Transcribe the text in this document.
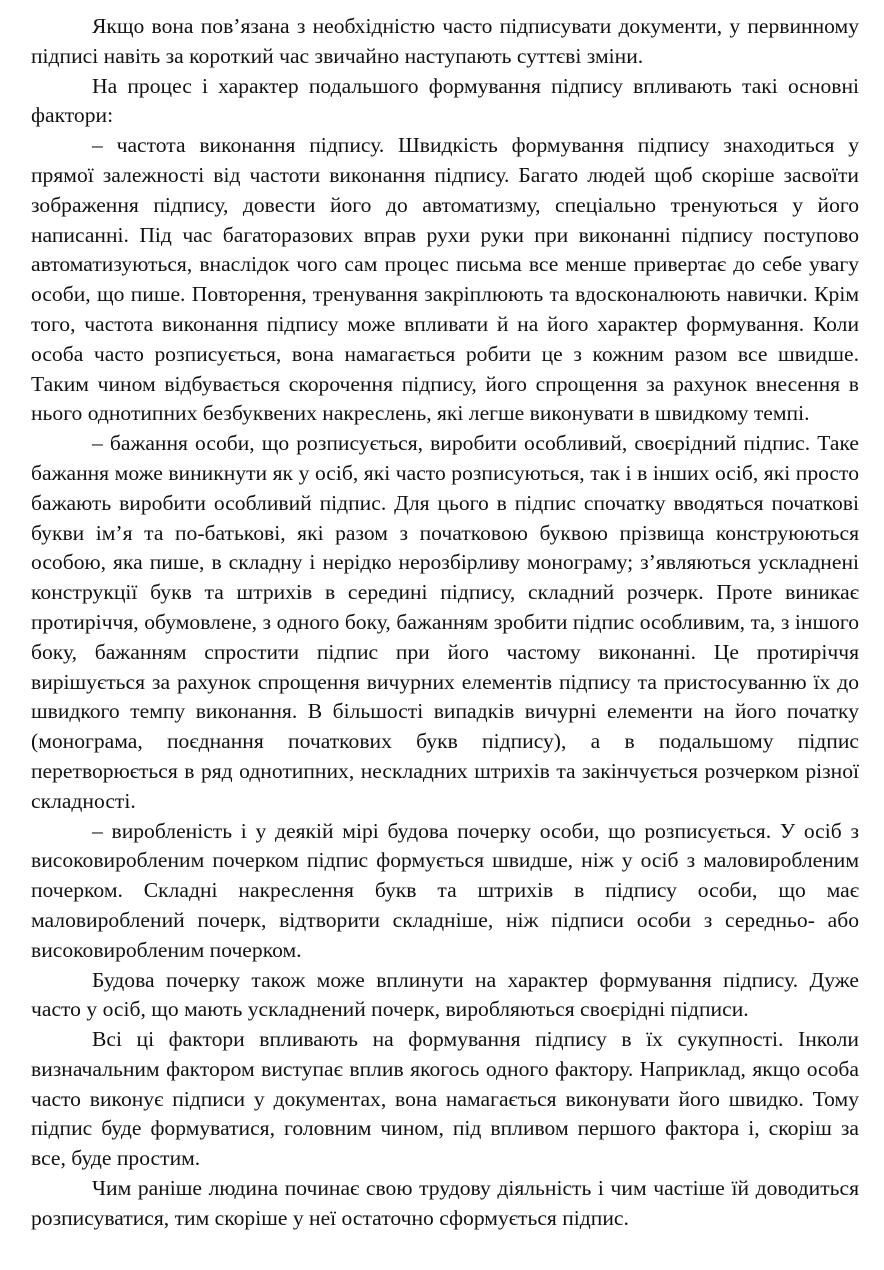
Якщо вона пов’язана з необхідністю часто підписувати документи, у первинному підписі навіть за короткий час звичайно наступають суттєві зміни.

На процес і характер подальшого формування підпису впливають такі основні фактори:

– частота виконання підпису. Швидкість формування підпису знаходиться у прямої залежності від частоти виконання підпису. Багато людей щоб скоріше засвоїти зображення підпису, довести його до автоматизму, спеціально тренуються у його написанні. Під час багаторазових вправ рухи руки при виконанні підпису поступово автоматизуються, внаслідок чого сам процес письма все менше привертає до себе увагу особи, що пише. Повторення, тренування закріплюють та вдосконалюють навички. Крім того, частота виконання підпису може впливати й на його характер формування. Коли особа часто розписується, вона намагається робити це з кожним разом все швидше. Таким чином відбувається скорочення підпису, його спрощення за рахунок внесення в нього однотипних безбуквених накреслень, які легше виконувати в швидкому темпі.

– бажання особи, що розписується, виробити особливий, своєрідний підпис. Таке бажання може виникнути як у осіб, які часто розписуються, так і в інших осіб, які просто бажають виробити особливий підпис. Для цього в підпис спочатку вводяться початкові букви ім’я та по-батькові, які разом з початковою буквою прізвища конструюються особою, яка пише, в складну і нерідко нерозбірливу монограму; з’являються ускладнені конструкції букв та штрихів в середині підпису, складний розчерк. Проте виникає протиріччя, обумовлене, з одного боку, бажанням зробити підпис особливим, та, з іншого боку, бажанням спростити підпис при його частому виконанні. Це протиріччя вирішується за рахунок спрощення вичурних елементів підпису та пристосуванню їх до швидкого темпу виконання. В більшості випадків вичурні елементи на його початку (монограма, поєднання початкових букв підпису), а в подальшому підпис перетворюється в ряд однотипних, нескладних штрихів та закінчується розчерком різної складності.

– виробленість і у деякій мірі будова почерку особи, що розписується. У осіб з високовиробленим почерком підпис формується швидше, ніж у осіб з маловиробленим почерком. Складні накреслення букв та штрихів в підпису особи, що має маловироблений почерк, відтворити складніше, ніж підписи особи з середньо- або високовиробленим почерком.

Будова почерку також може вплинути на характер формування підпису. Дуже часто у осіб, що мають ускладнений почерк, виробляються своєрідні підписи.

Всі ці фактори впливають на формування підпису в їх сукупності. Інколи визначальним фактором виступає вплив якогось одного фактору. Наприклад, якщо особа часто виконує підписи у документах, вона намагається виконувати його швидко. Тому підпис буде формуватися, головним чином, під впливом першого фактора і, скоріш за все, буде простим.

Чим раніше людина починає свою трудову діяльність і чим частіше їй доводиться розписуватися, тим скоріше у неї остаточно сформується підпис.
